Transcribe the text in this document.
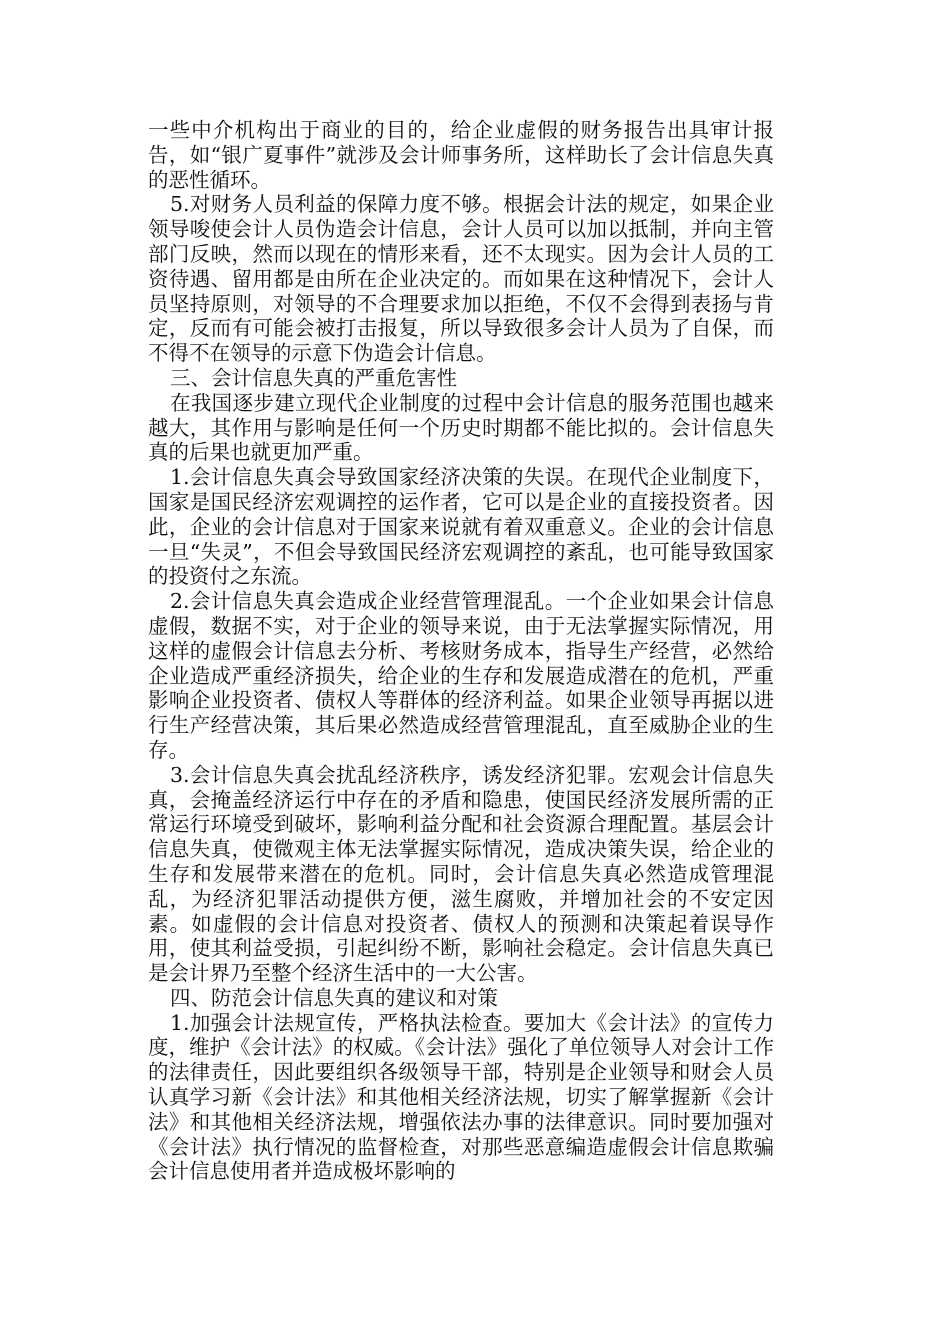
一些中介机构出于商业的目的，给企业虚假的财务报告出具审计报告，如“银广夏事件”就涉及会计师事务所，这样助长了会计信息失真的恶性循环。

5.对财务人员利益的保障力度不够。根据会计法的规定，如果企业领导唆使会计人员伪造会计信息，会计人员可以加以抵制，并向主管部门反映，然而以现在的情形来看，还不太现实。因为会计人员的工资待遇、留用都是由所在企业决定的。而如果在这种情况下，会计人员坚持原则，对领导的不合理要求加以拒绝，不仅不会得到表扬与肯定，反而有可能会被打击报复，所以导致很多会计人员为了自保，而不得不在领导的示意下伪造会计信息。

三、会计信息失真的严重危害性

在我国逐步建立现代企业制度的过程中会计信息的服务范围也越来越大，其作用与影响是任何一个历史时期都不能比拟的。会计信息失真的后果也就更加严重。

1.会计信息失真会导致国家经济决策的失误。在现代企业制度下，国家是国民经济宏观调控的运作者，它可以是企业的直接投资者。因此，企业的会计信息对于国家来说就有着双重意义。企业的会计信息一旦“失灵”，不但会导致国民经济宏观调控的紊乱，也可能导致国家的投资付之东流。

2.会计信息失真会造成企业经营管理混乱。一个企业如果会计信息虚假，数据不实，对于企业的领导来说，由于无法掌握实际情况，用这样的虚假会计信息去分析、考核财务成本，指导生产经营，必然给企业造成严重经济损失，给企业的生存和发展造成潜在的危机，严重影响企业投资者、债权人等群体的经济利益。如果企业领导再据以进行生产经营决策，其后果必然造成经营管理混乱，直至威胁企业的生存。

3.会计信息失真会扰乱经济秩序，诱发经济犯罪。宏观会计信息失真，会掩盖经济运行中存在的矛盾和隐患，使国民经济发展所需的正常运行环境受到破坏，影响利益分配和社会资源合理配置。基层会计信息失真，使微观主体无法掌握实际情况，造成决策失误，给企业的生存和发展带来潜在的危机。同时，会计信息失真必然造成管理混乱，为经济犯罪活动提供方便，滋生腐败，并增加社会的不安定因素。如虚假的会计信息对投资者、债权人的预测和决策起着误导作用，使其利益受损，引起纠纷不断，影响社会稳定。会计信息失真已是会计界乃至整个经济生活中的一大公害。

四、防范会计信息失真的建议和对策

1.加强会计法规宣传，严格执法检查。要加大《会计法》的宣传力度，维护《会计法》的权威。《会计法》强化了单位领导人对会计工作的法律责任，因此要组织各级领导干部，特别是企业领导和财会人员认真学习新《会计法》和其他相关经济法规，切实了解掌握新《会计法》和其他相关经济法规，增强依法办事的法律意识。同时要加强对《会计法》执行情况的监督检查，对那些恶意编造虚假会计信息欺骗会计信息使用者并造成极坏影响的
